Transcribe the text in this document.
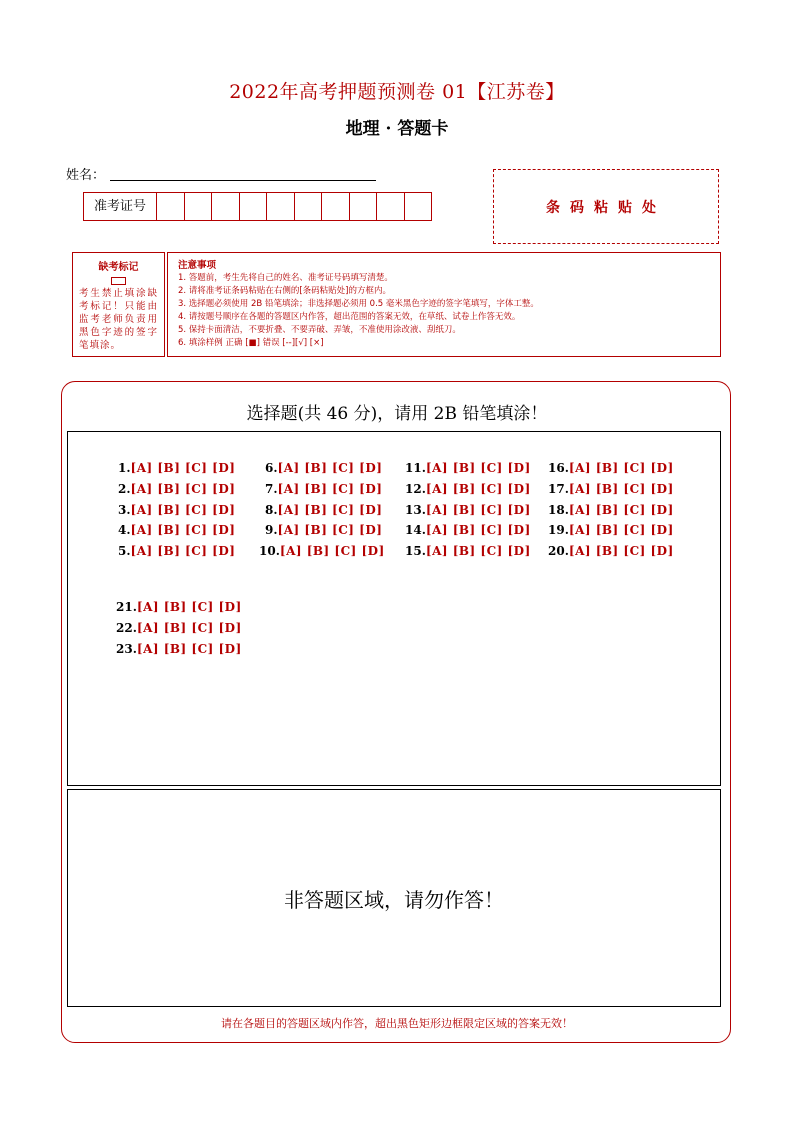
2022年高考押题预测卷 01【江苏卷】
地理 · 答题卡
姓名：
准考证号	条码粘贴处
缺考标记
考生禁止填涂缺考标记！只能由监考老师负责用黑色字迹的签字笔填涂。
注意事项
1. 答题前，考生先将自己的姓名、准考证号码填写清楚。
2. 请将准考证条码粘贴在右侧的[条码粘贴处]的方框内。
3. 选择题必须使用 2B 铅笔填涂；非选择题必须用 0.5 毫米黑色字迹的签字笔填写，字体工整。
4. 请按题号顺序在各题的答题区内作答，超出范围的答案无效，在草纸、试卷上作答无效。
5. 保持卡面清洁，不要折叠、不要弄破、弄皱，不准使用涂改液、刮纸刀。
6. 填涂样例 正确 [■] 错误 [--][√] [×]
选择题(共 46 分)，请用 2B 铅笔填涂！
1.[A] [B] [C] [D]
2.[A] [B] [C] [D]
3.[A] [B] [C] [D]
4.[A] [B] [C] [D]
5.[A] [B] [C] [D]
6.[A] [B] [C] [D]
7.[A] [B] [C] [D]
8.[A] [B] [C] [D]
9.[A] [B] [C] [D]
10.[A] [B] [C] [D]
11.[A] [B] [C] [D]
12.[A] [B] [C] [D]
13.[A] [B] [C] [D]
14.[A] [B] [C] [D]
15.[A] [B] [C] [D]
16.[A] [B] [C] [D]
17.[A] [B] [C] [D]
18.[A] [B] [C] [D]
19.[A] [B] [C] [D]
20.[A] [B] [C] [D]
21.[A] [B] [C] [D]
22.[A] [B] [C] [D]
23.[A] [B] [C] [D]
非答题区域，请勿作答！
请在各题目的答题区域内作答，超出黑色矩形边框限定区域的答案无效！
